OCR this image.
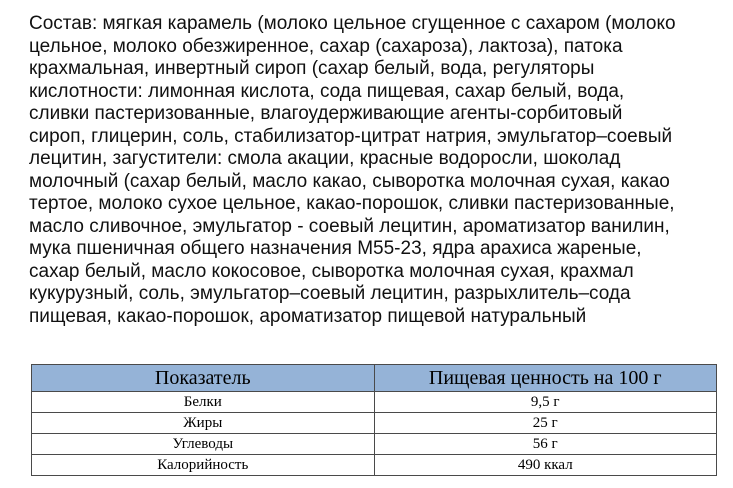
Состав: мягкая карамель (молоко цельное сгущенное с сахаром (молоко
цельное, молоко обезжиренное, сахар (сахароза), лактоза), патока
крахмальная, инвертный сироп (сахар белый, вода, регуляторы
кислотности: лимонная кислота, сода пищевая, сахар белый, вода,
сливки пастеризованные, влагоудерживающие агенты-сорбитовый
сироп, глицерин, соль, стабилизатор-цитрат натрия, эмульгатор–соевый
лецитин, загустители: смола акации, красные водоросли, шоколад
молочный (сахар белый, масло какао, сыворотка молочная сухая, какао
тертое, молоко сухое цельное, какао-порошок, сливки пастеризованные,
масло сливочное, эмульгатор - соевый лецитин, ароматизатор ванилин,
мука пшеничная общего назначения М55-23, ядра арахиса жареные,
сахар белый, масло кокосовое, сыворотка молочная сухая, крахмал
кукурузный, соль, эмульгатор–соевый лецитин, разрыхлитель–сода
пищевая, какао-порошок, ароматизатор пищевой натуральный

Показатель	Пищевая ценность на 100 г
Белки	9,5 г
Жиры	25 г
Углеводы	56 г
Калорийность	490 ккал
